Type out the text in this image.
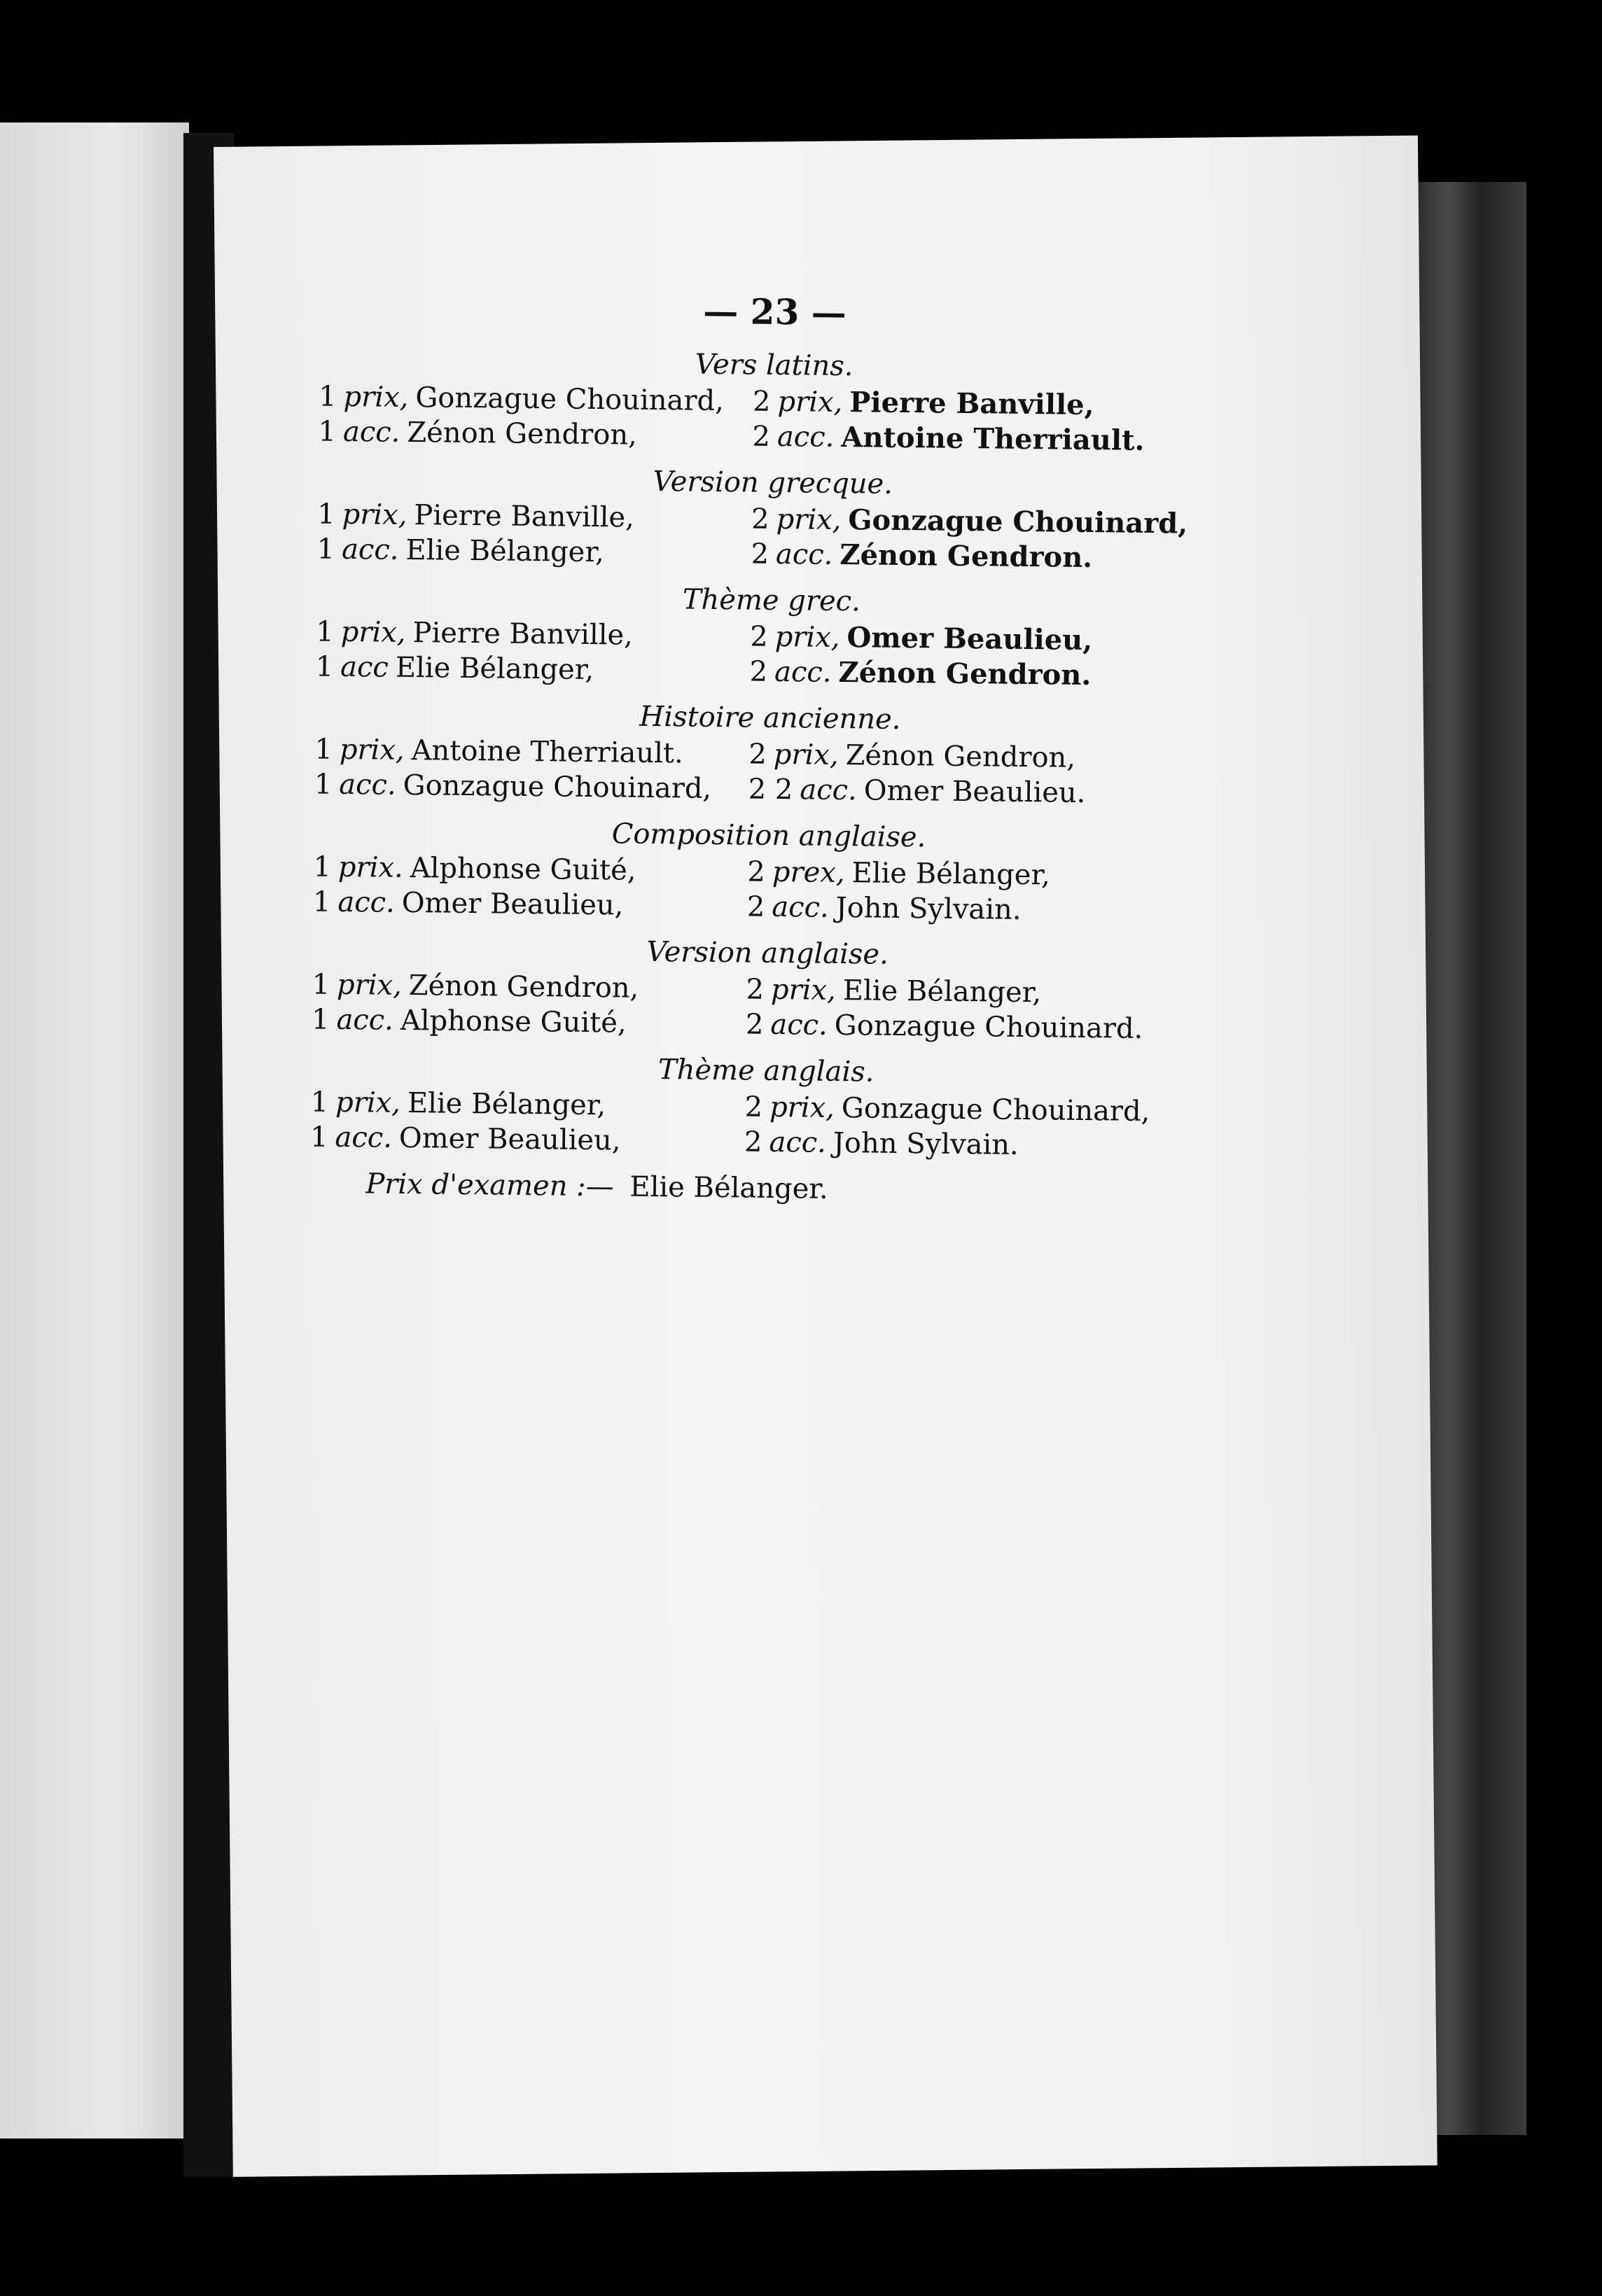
— 23 —
Vers latins.
1 prix, Gonzague Chouinard,	2 prix, Pierre Banville,
1 acc. Zénon Gendron,	2 acc. Antoine Therriault.
Version grecque.
1 prix, Pierre Banville,	2 prix, Gonzague Chouinard,
1 acc. Elie Bélanger,	2 acc. Zénon Gendron.
Thème grec.
1 prix, Pierre Banville,	2 prix, Omer Beaulieu,
1 acc Elie Bélanger,	2 acc. Zénon Gendron.
Histoire ancienne.
1 prix, Antoine Therriault.	2 prix, Zénon Gendron,
1 acc. Gonzague Chouinard,	2 2 acc. Omer Beaulieu.
Composition anglaise.
1 prix. Alphonse Guité,	2 prex, Elie Bélanger,
1 acc. Omer Beaulieu,	2 acc. John Sylvain.
Version anglaise.
1 prix, Zénon Gendron,	2 prix, Elie Bélanger,
1 acc. Alphonse Guité,	2 acc. Gonzague Chouinard.
Thème anglais.
1 prix, Elie Bélanger,	2 prix, Gonzague Chouinard,
1 acc. Omer Beaulieu,	2 acc. John Sylvain.
Prix d'examen :— Elie Bélanger.
